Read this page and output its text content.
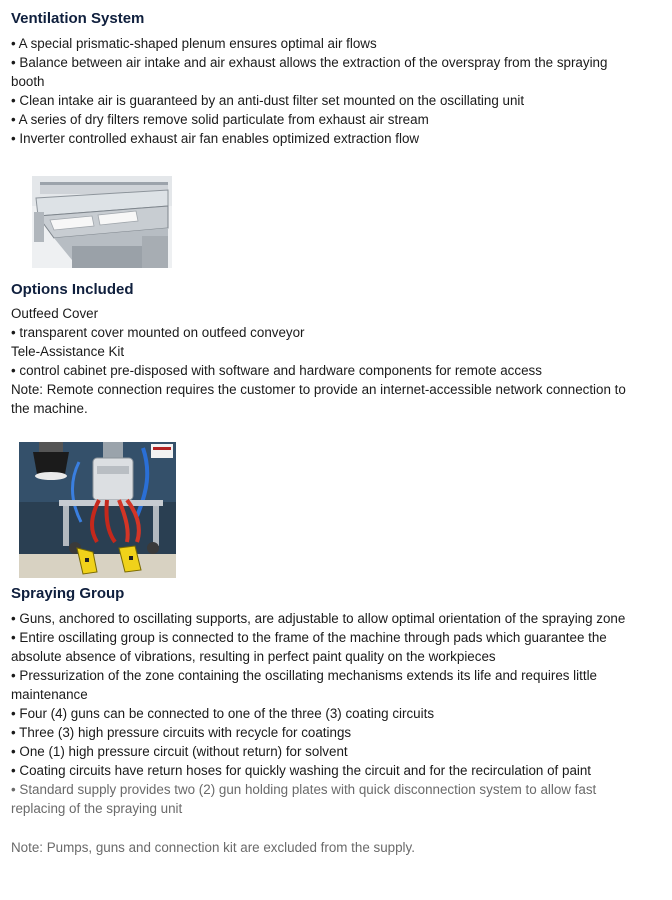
Ventilation System
• A special prismatic-shaped plenum ensures optimal air flows
• Balance between air intake and air exhaust allows the extraction of the overspray from the spraying
booth
• Clean intake air is guaranteed by an anti-dust filter set mounted on the oscillating unit
• A series of dry filters remove solid particulate from exhaust air stream
• Inverter controlled exhaust air fan enables optimized extraction flow
Options Included
Outfeed Cover
• transparent cover mounted on outfeed conveyor
Tele-Assistance Kit
• control cabinet pre-disposed with software and hardware components for remote access
Note: Remote connection requires the customer to provide an internet-accessible network connection to
the machine.
Spraying Group
• Guns, anchored to oscillating supports, are adjustable to allow optimal orientation of the spraying zone
• Entire oscillating group is connected to the frame of the machine through pads which guarantee the
absolute absence of vibrations, resulting in perfect paint quality on the workpieces
• Pressurization of the zone containing the oscillating mechanisms extends its life and requires little
maintenance
• Four (4) guns can be connected to one of the three (3) coating circuits
• Three (3) high pressure circuits with recycle for coatings
• One (1) high pressure circuit (without return) for solvent
• Coating circuits have return hoses for quickly washing the circuit and for the recirculation of paint
• Standard supply provides two (2) gun holding plates with quick disconnection system to allow fast
replacing of the spraying unit
Note: Pumps, guns and connection kit are excluded from the supply.
